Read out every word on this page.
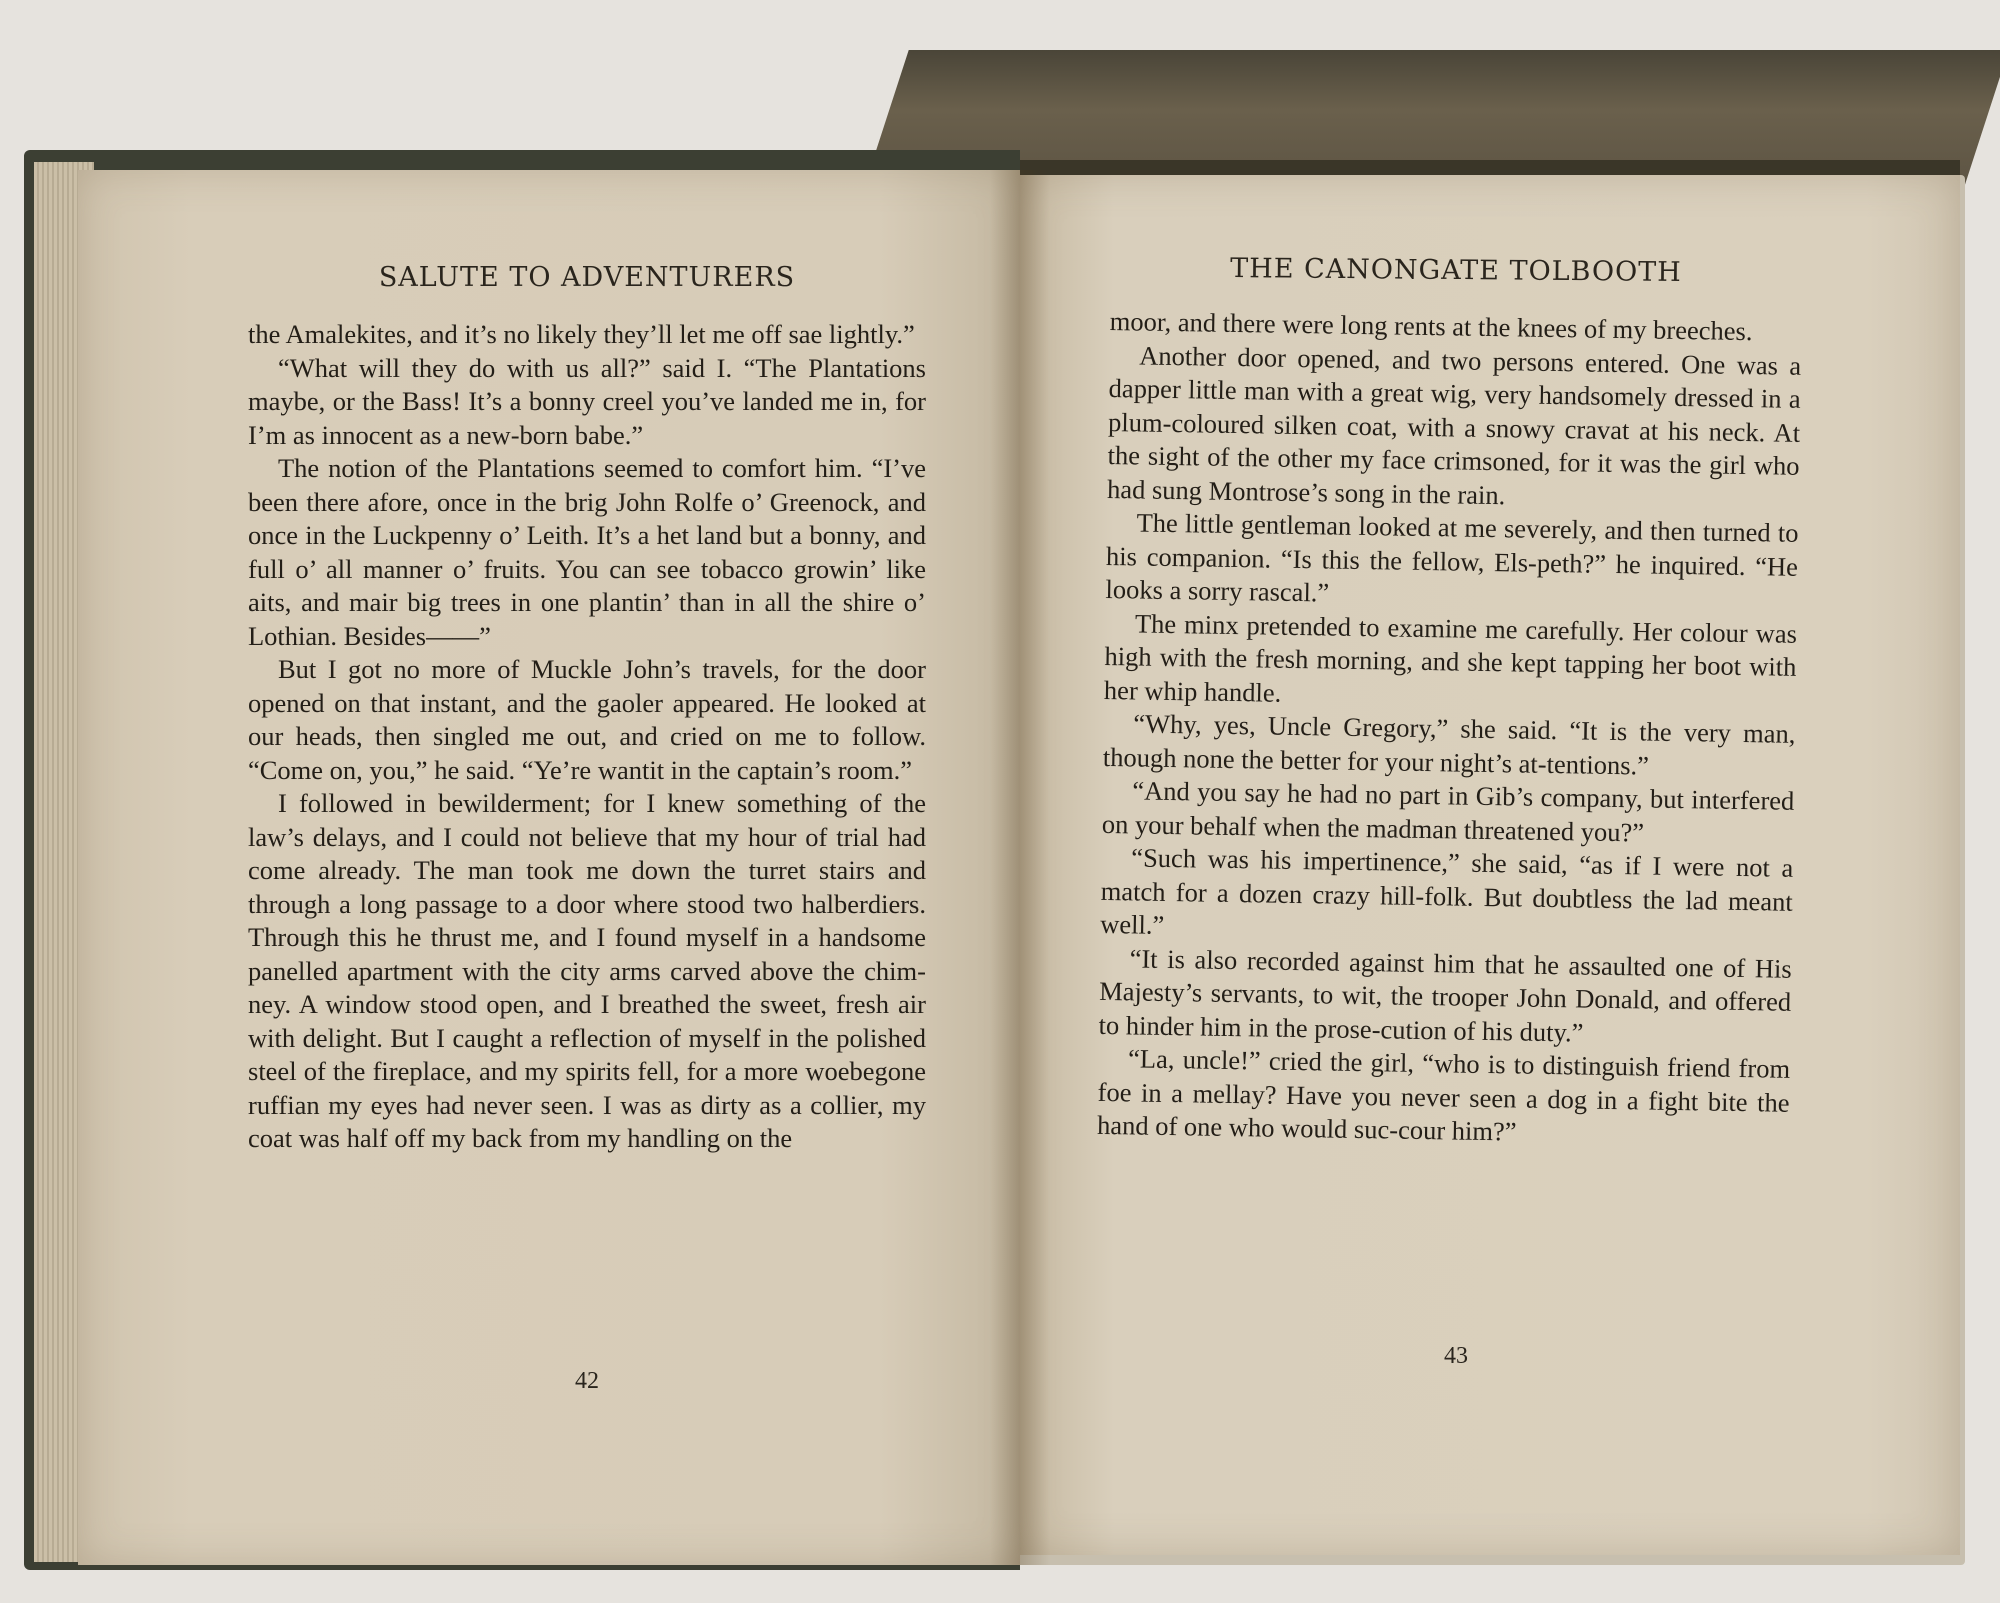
SALUTE TO ADVENTURERS

the Amalekites, and it’s no likely they’ll let me off sae lightly.”

“What will they do with us all?” said I. “The Plantations maybe, or the Bass! It’s a bonny creel you’ve landed me in, for I’m as innocent as a new-born babe.”

The notion of the Plantations seemed to comfort him. “I’ve been there afore, once in the brig John Rolfe o’ Greenock, and once in the Luckpenny o’ Leith. It’s a het land but a bonny, and full o’ all manner o’ fruits. You can see tobacco growin’ like aits, and mair big trees in one plantin’ than in all the shire o’ Lothian. Besides——”

But I got no more of Muckle John’s travels, for the door opened on that instant, and the gaoler appeared. He looked at our heads, then singled me out, and cried on me to follow. “Come on, you,” he said. “Ye’re wantit in the captain’s room.”

I followed in bewilderment; for I knew something of the law’s delays, and I could not believe that my hour of trial had come already. The man took me down the turret stairs and through a long passage to a door where stood two halberdiers. Through this he thrust me, and I found myself in a handsome panelled apartment with the city arms carved above the chim-ney. A window stood open, and I breathed the sweet, fresh air with delight. But I caught a reflection of myself in the polished steel of the fireplace, and my spirits fell, for a more woebegone ruffian my eyes had never seen. I was as dirty as a collier, my coat was half off my back from my handling on the

42
THE CANONGATE TOLBOOTH

moor, and there were long rents at the knees of my breeches.

Another door opened, and two persons entered. One was a dapper little man with a great wig, very handsomely dressed in a plum-coloured silken coat, with a snowy cravat at his neck. At the sight of the other my face crimsoned, for it was the girl who had sung Montrose’s song in the rain.

The little gentleman looked at me severely, and then turned to his companion. “Is this the fellow, Els-peth?” he inquired. “He looks a sorry rascal.”

The minx pretended to examine me carefully. Her colour was high with the fresh morning, and she kept tapping her boot with her whip handle.

“Why, yes, Uncle Gregory,” she said. “It is the very man, though none the better for your night’s at-tentions.”

“And you say he had no part in Gib’s company, but interfered on your behalf when the madman threatened you?”

“Such was his impertinence,” she said, “as if I were not a match for a dozen crazy hill-folk. But doubtless the lad meant well.”

“It is also recorded against him that he assaulted one of His Majesty’s servants, to wit, the trooper John Donald, and offered to hinder him in the prose-cution of his duty.”

“La, uncle!” cried the girl, “who is to distinguish friend from foe in a mellay? Have you never seen a dog in a fight bite the hand of one who would suc-cour him?”

43
